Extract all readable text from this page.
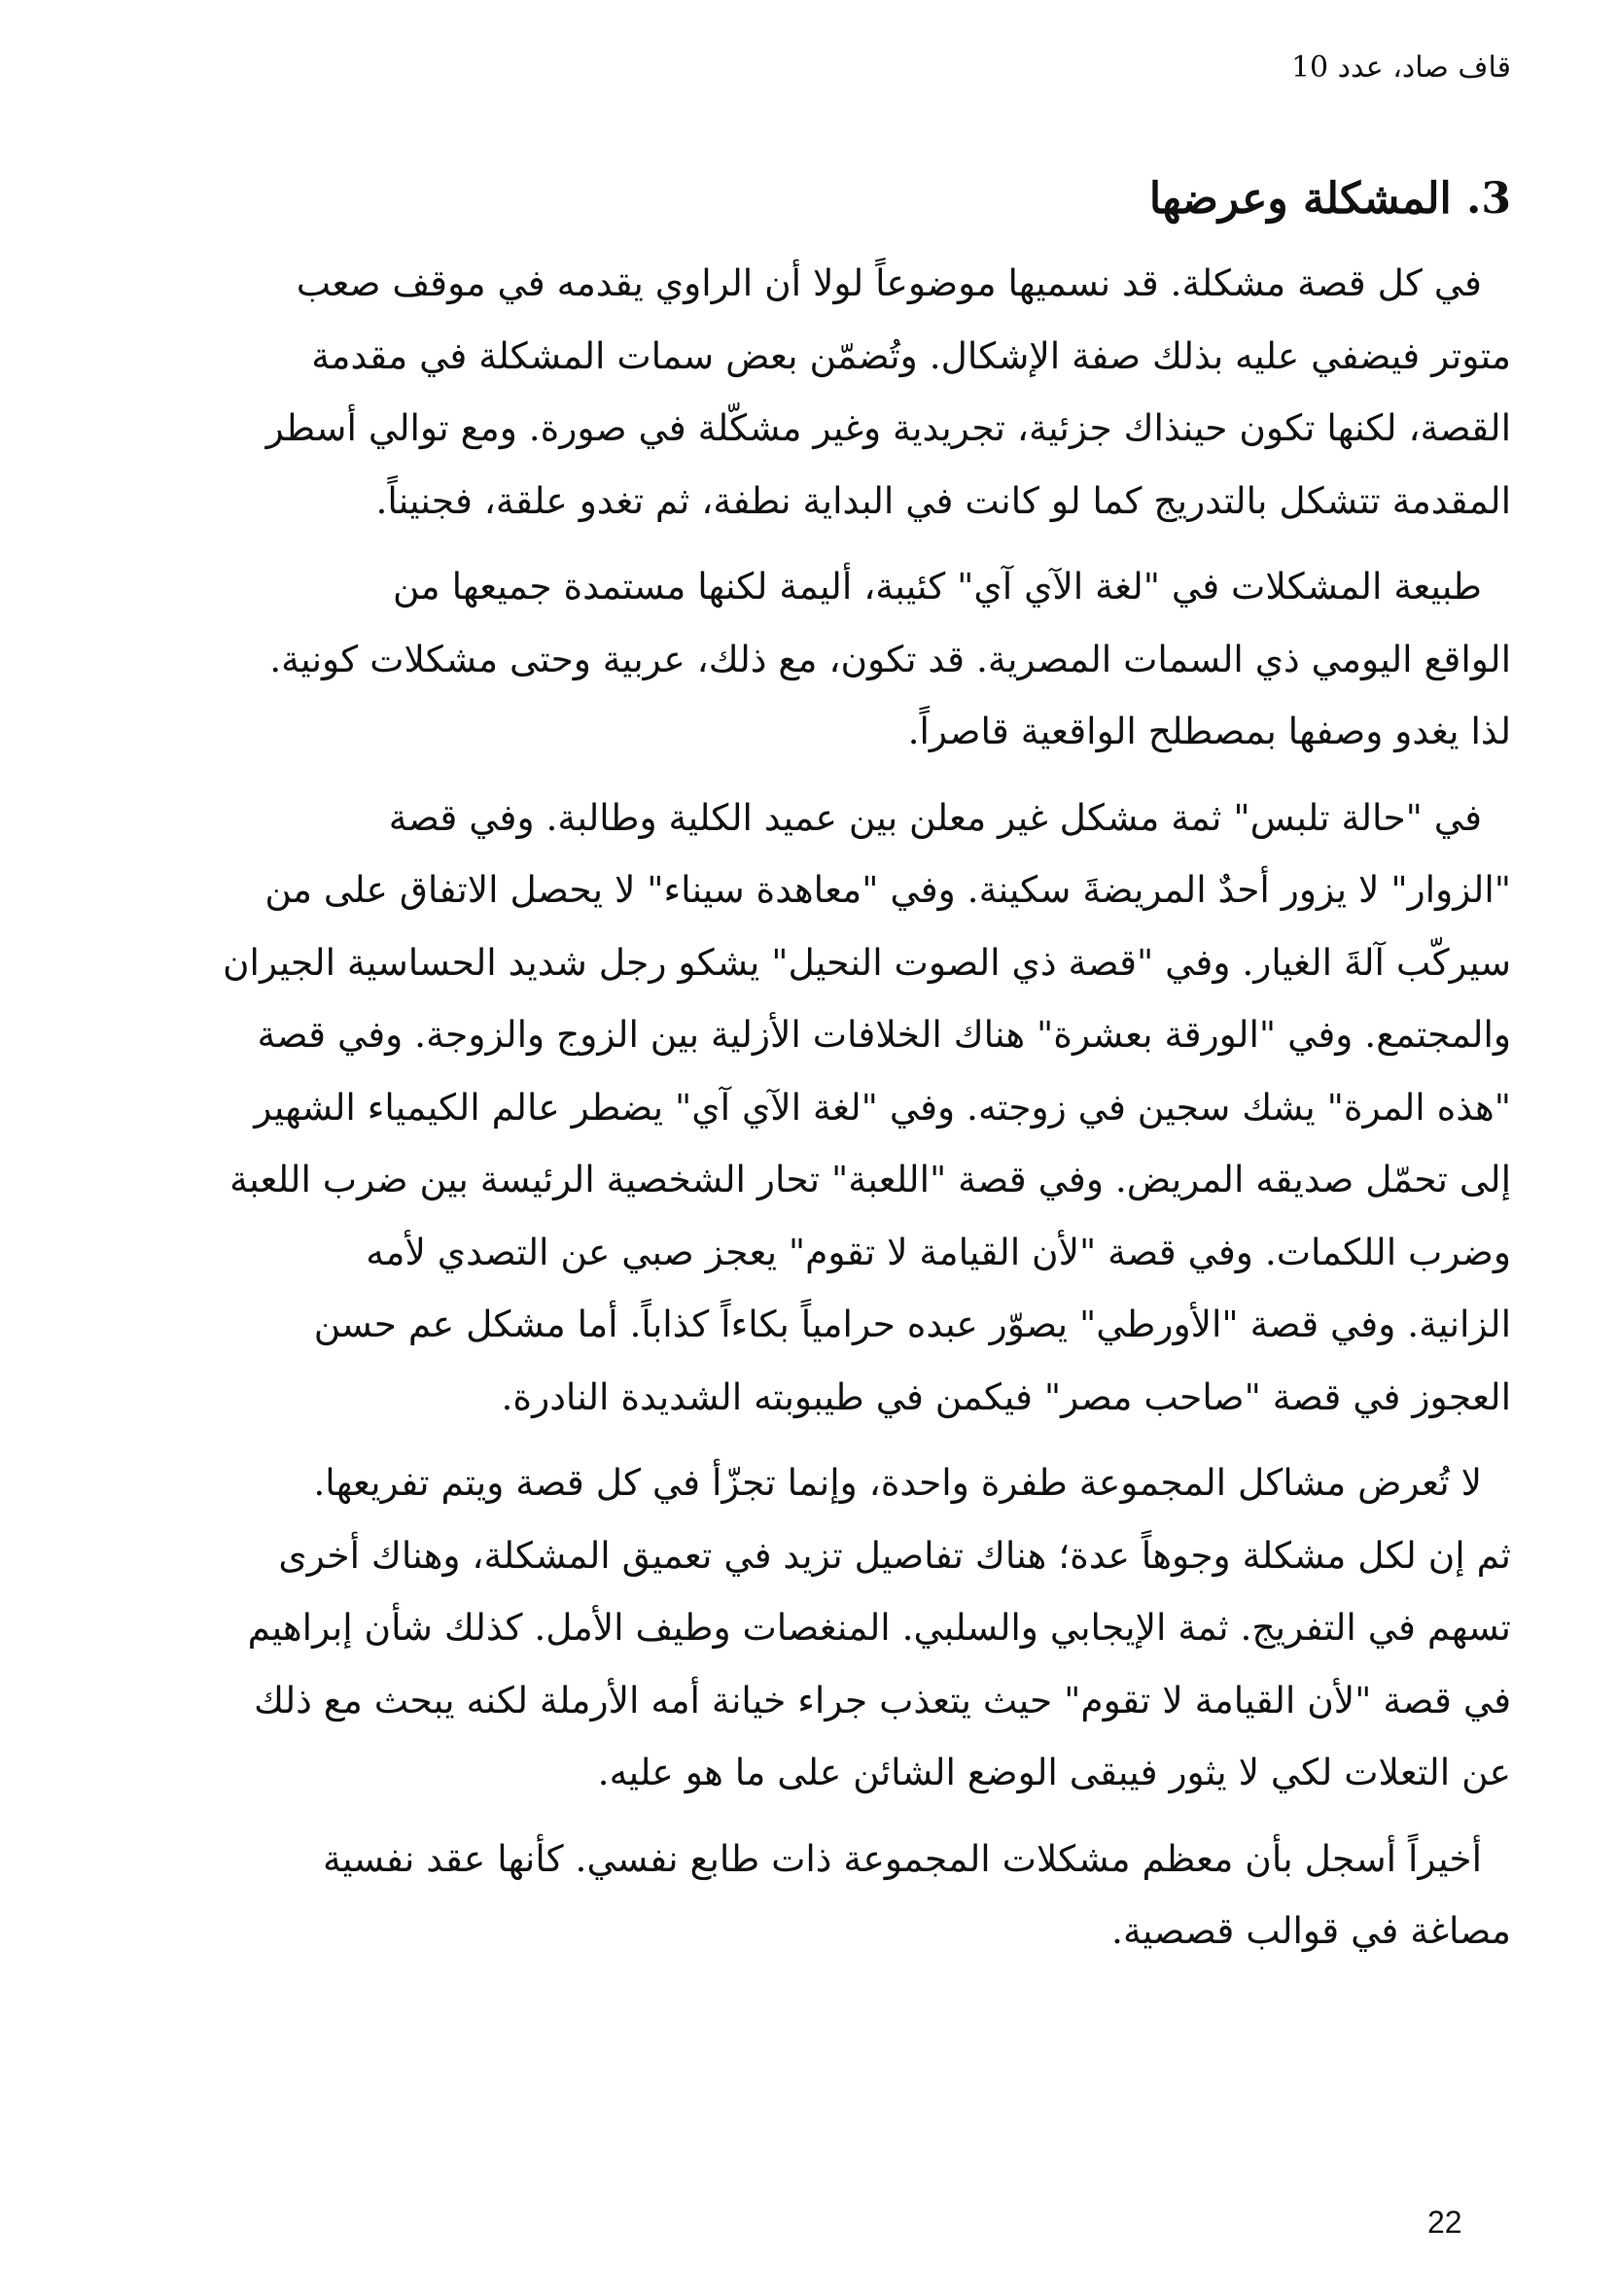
قاف صاد، عدد 10
3. المشكلة وعرضها
في كل قصة مشكلة. قد نسميها موضوعاً لولا أن الراوي يقدمه في موقف صعب
متوتر فيضفي عليه بذلك صفة الإشكال. وتُضمّن بعض سمات المشكلة في مقدمة
القصة، لكنها تكون حينذاك جزئية، تجريدية وغير مشكّلة في صورة. ومع توالي أسطر
المقدمة تتشكل بالتدريج كما لو كانت في البداية نطفة، ثم تغدو علقة، فجنيناً.
طبيعة المشكلات في "لغة الآي آي" كئيبة، أليمة لكنها مستمدة جميعها من
الواقع اليومي ذي السمات المصرية. قد تكون، مع ذلك، عربية وحتى مشكلات كونية.
لذا يغدو وصفها بمصطلح الواقعية قاصراً.
في "حالة تلبس" ثمة مشكل غير معلن بين عميد الكلية وطالبة. وفي قصة
"الزوار" لا يزور أحدٌ المريضةَ سكينة. وفي "معاهدة سيناء" لا يحصل الاتفاق على من
سيركّب آلةَ الغيار. وفي "قصة ذي الصوت النحيل" يشكو رجل شديد الحساسية الجيران
والمجتمع. وفي "الورقة بعشرة" هناك الخلافات الأزلية بين الزوج والزوجة. وفي قصة
"هذه المرة" يشك سجين في زوجته. وفي "لغة الآي آي" يضطر عالم الكيمياء الشهير
إلى تحمّل صديقه المريض. وفي قصة "اللعبة" تحار الشخصية الرئيسة بين ضرب اللعبة
وضرب اللكمات. وفي قصة "لأن القيامة لا تقوم" يعجز صبي عن التصدي لأمه
الزانية. وفي قصة "الأورطي" يصوّر عبده حرامياً بكاءاً كذاباً. أما مشكل عم حسن
العجوز في قصة "صاحب مصر" فيكمن في طيبوبته الشديدة النادرة.
لا تُعرض مشاكل المجموعة طفرة واحدة، وإنما تجزّأ في كل قصة ويتم تفريعها.
ثم إن لكل مشكلة وجوهاً عدة؛ هناك تفاصيل تزيد في تعميق المشكلة، وهناك أخرى
تسهم في التفريج. ثمة الإيجابي والسلبي. المنغصات وطيف الأمل. كذلك شأن إبراهيم
في قصة "لأن القيامة لا تقوم" حيث يتعذب جراء خيانة أمه الأرملة لكنه يبحث مع ذلك
عن التعلات لكي لا يثور فيبقى الوضع الشائن على ما هو عليه.
أخيراً أسجل بأن معظم مشكلات المجموعة ذات طابع نفسي. كأنها عقد نفسية
مصاغة في قوالب قصصية.
22
